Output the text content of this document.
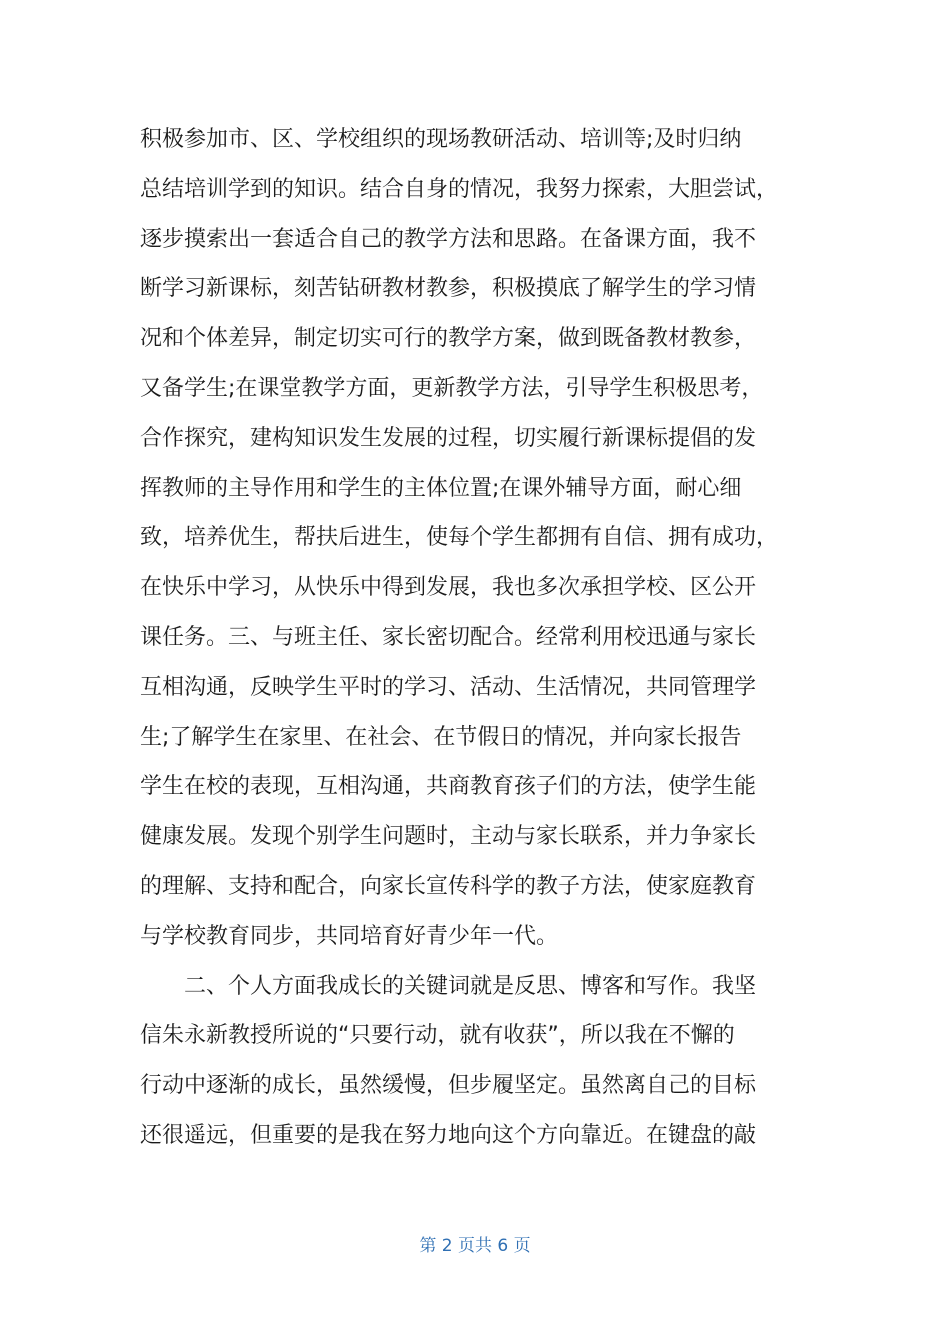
积极参加市、区、学校组织的现场教研活动、培训等;及时归纳
总结培训学到的知识。结合自身的情况，我努力探索，大胆尝试，
逐步摸索出一套适合自己的教学方法和思路。在备课方面，我不
断学习新课标，刻苦钻研教材教参，积极摸底了解学生的学习情
况和个体差异，制定切实可行的教学方案，做到既备教材教参，
又备学生;在课堂教学方面，更新教学方法，引导学生积极思考，
合作探究，建构知识发生发展的过程，切实履行新课标提倡的发
挥教师的主导作用和学生的主体位置;在课外辅导方面，耐心细
致，培养优生，帮扶后进生，使每个学生都拥有自信、拥有成功，
在快乐中学习，从快乐中得到发展，我也多次承担学校、区公开
课任务。三、与班主任、家长密切配合。经常利用校迅通与家长
互相沟通，反映学生平时的学习、活动、生活情况，共同管理学
生;了解学生在家里、在社会、在节假日的情况，并向家长报告
学生在校的表现，互相沟通，共商教育孩子们的方法，使学生能
健康发展。发现个别学生问题时，主动与家长联系，并力争家长
的理解、支持和配合，向家长宣传科学的教子方法，使家庭教育
与学校教育同步，共同培育好青少年一代。
　　二、个人方面我成长的关键词就是反思、博客和写作。我坚
信朱永新教授所说的“只要行动，就有收获”，所以我在不懈的
行动中逐渐的成长，虽然缓慢，但步履坚定。虽然离自己的目标
还很遥远，但重要的是我在努力地向这个方向靠近。在键盘的敲
第 2 页共 6 页
